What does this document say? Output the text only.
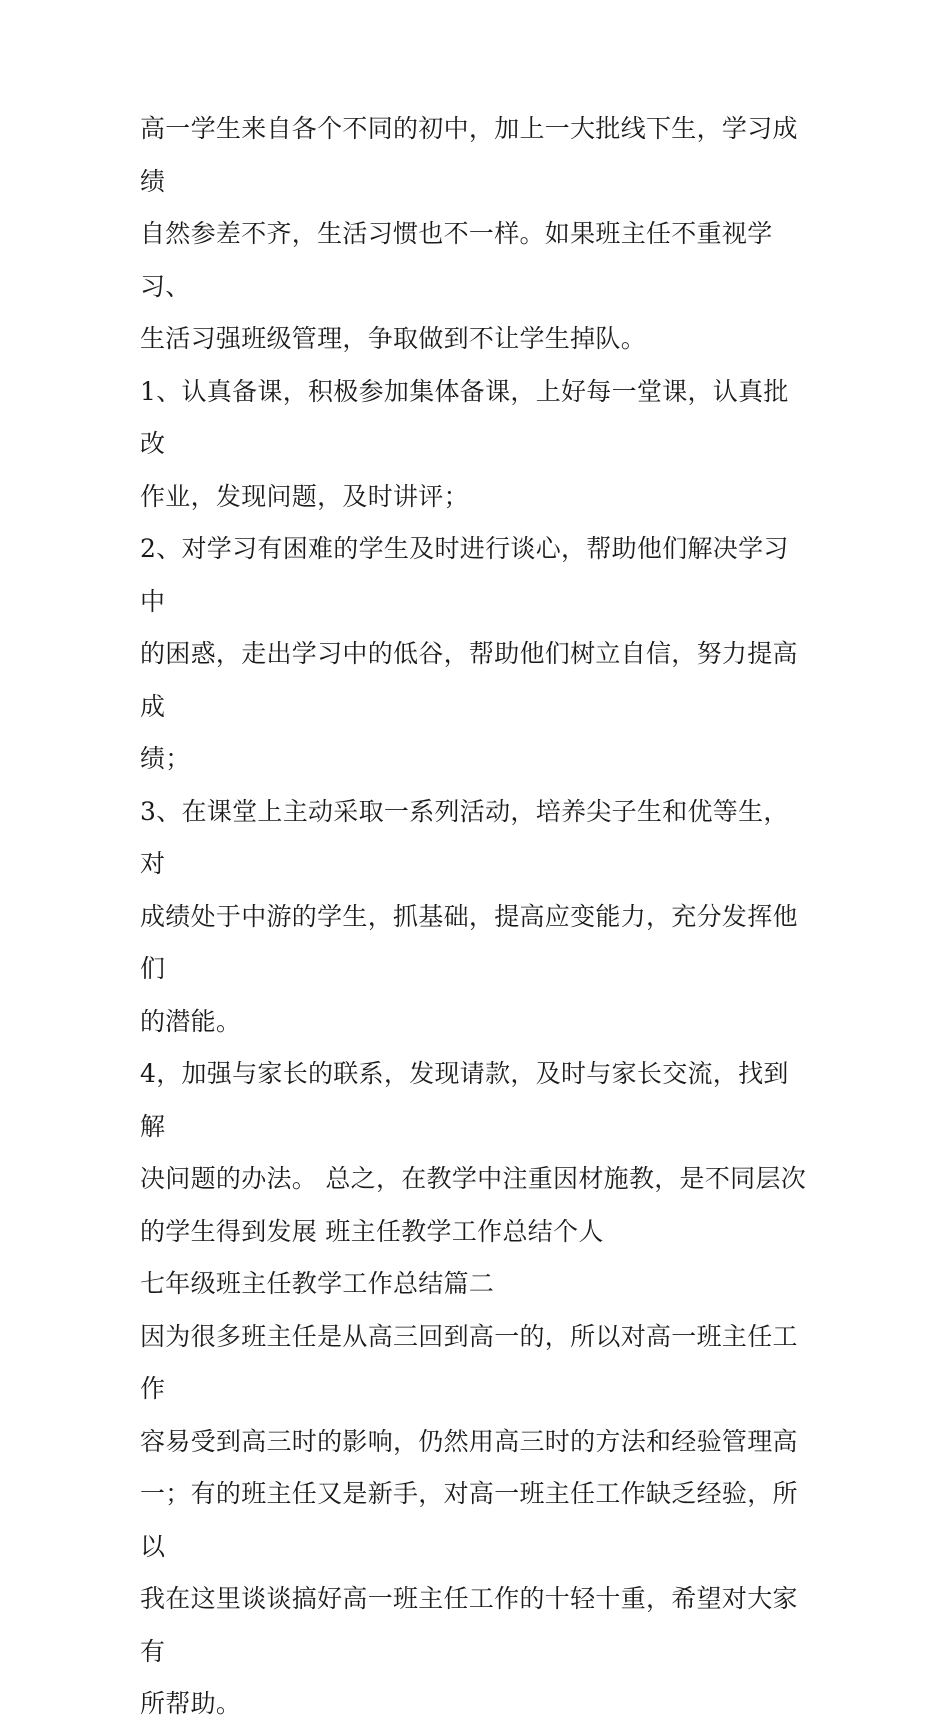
高一学生来自各个不同的初中，加上一大批线下生，学习成绩
自然参差不齐，生活习惯也不一样。如果班主任不重视学习、
生活习强班级管理，争取做到不让学生掉队。

1、认真备课，积极参加集体备课，上好每一堂课，认真批改
作业，发现问题，及时讲评；

2、对学习有困难的学生及时进行谈心，帮助他们解决学习中
的困惑，走出学习中的低谷，帮助他们树立自信，努力提高成
绩；

3、在课堂上主动采取一系列活动，培养尖子生和优等生，对
成绩处于中游的学生，抓基础，提高应变能力，充分发挥他们
的潜能。

4，加强与家长的联系，发现请款，及时与家长交流，找到解
决问题的办法。 总之，在教学中注重因材施教，是不同层次
的学生得到发展 班主任教学工作总结个人

七年级班主任教学工作总结篇二

因为很多班主任是从高三回到高一的，所以对高一班主任工作
容易受到高三时的影响，仍然用高三时的方法和经验管理高
一；有的班主任又是新手，对高一班主任工作缺乏经验，所以
我在这里谈谈搞好高一班主任工作的十轻十重，希望对大家有
所帮助。
